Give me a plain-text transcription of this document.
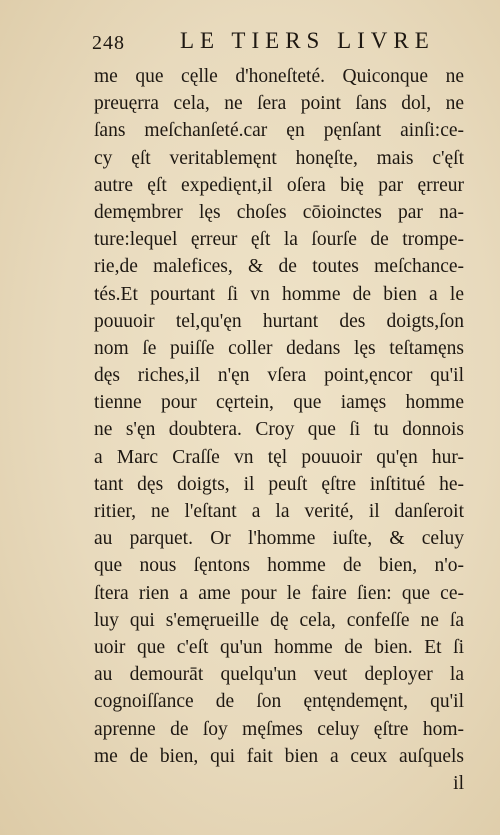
248 LE TIERS LIVRE
me que cęlle d'honeſteté. Quiconque ne
preuęrra cela, ne ſera point ſans dol, ne
ſans meſchanſeté.car ęn pęnſant ainſi:ce-
cy ęſt veritablemęnt honęſte, mais c'ęſt
autre ęſt expedięnt,il oſera bię par ęrreur
demęmbrer lęs choſes cōioinctes par na-
ture:lequel ęrreur ęſt la ſourſe de trompe-
rie,de malefices, & de toutes meſchance-
tés.Et pourtant ſi vn homme de bien a le
pouuoir tel,qu'ęn hurtant des doigts,ſon
nom ſe puiſſe coller dedans lęs teſtamęns
dęs riches,il n'ęn vſera point,ęncor qu'il
tienne pour cęrtein, que iamęs homme
ne s'ęn doubtera. Croy que ſi tu donnois
a Marc Craſſe vn tęl pouuoir qu'ęn hur-
tant dęs doigts, il peuſt ęſtre inſtitué he-
ritier, ne l'eſtant a la verité, il danſeroit
au parquet. Or l'homme iuſte, & celuy
que nous ſęntons homme de bien, n'o-
ſtera rien a ame pour le faire ſien: que ce-
luy qui s'emęrueille dę cela, confeſſe ne ſa
uoir que c'eſt qu'un homme de bien. Et ſi
au demourāt quelqu'un veut deployer la
cognoiſſance de ſon ęntęndemęnt, qu'il
aprenne de ſoy męſmes celuy ęſtre hom-
me de bien, qui fait bien a ceux auſquels
il
